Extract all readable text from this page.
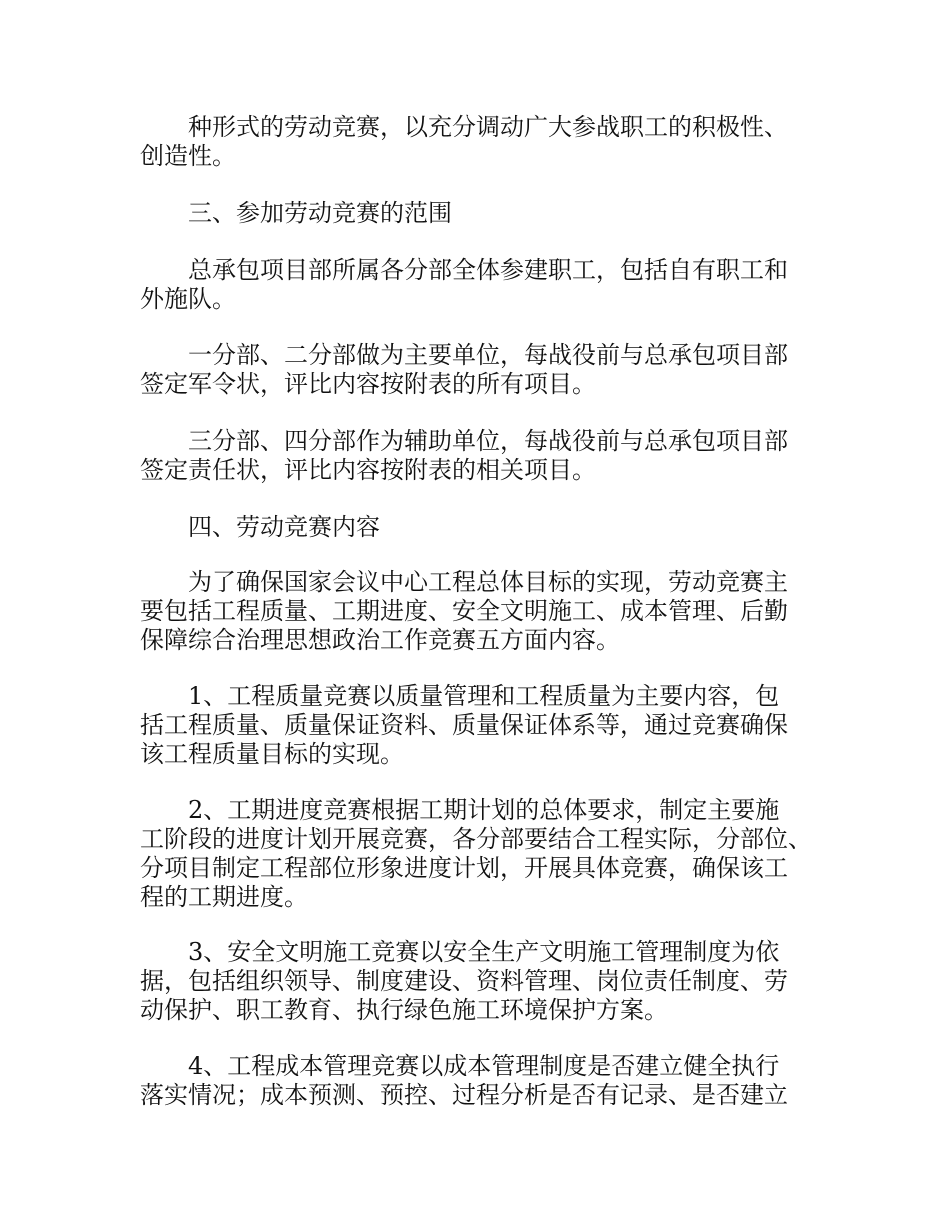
种形式的劳动竞赛，以充分调动广大参战职工的积极性、
创造性。

三、参加劳动竞赛的范围

总承包项目部所属各分部全体参建职工，包括自有职工和
外施队。

一分部、二分部做为主要单位，每战役前与总承包项目部
签定军令状，评比内容按附表的所有项目。

三分部、四分部作为辅助单位，每战役前与总承包项目部
签定责任状，评比内容按附表的相关项目。

四、劳动竞赛内容

为了确保国家会议中心工程总体目标的实现，劳动竞赛主
要包括工程质量、工期进度、安全文明施工、成本管理、后勤
保障综合治理思想政治工作竞赛五方面内容。

1、工程质量竞赛以质量管理和工程质量为主要内容，包
括工程质量、质量保证资料、质量保证体系等，通过竞赛确保
该工程质量目标的实现。

2、工期进度竞赛根据工期计划的总体要求，制定主要施
工阶段的进度计划开展竞赛，各分部要结合工程实际，分部位、
分项目制定工程部位形象进度计划，开展具体竞赛，确保该工
程的工期进度。

3、安全文明施工竞赛以安全生产文明施工管理制度为依
据，包括组织领导、制度建设、资料管理、岗位责任制度、劳
动保护、职工教育、执行绿色施工环境保护方案。

4、工程成本管理竞赛以成本管理制度是否建立健全执行
落实情况；成本预测、预控、过程分析是否有记录、是否建立
